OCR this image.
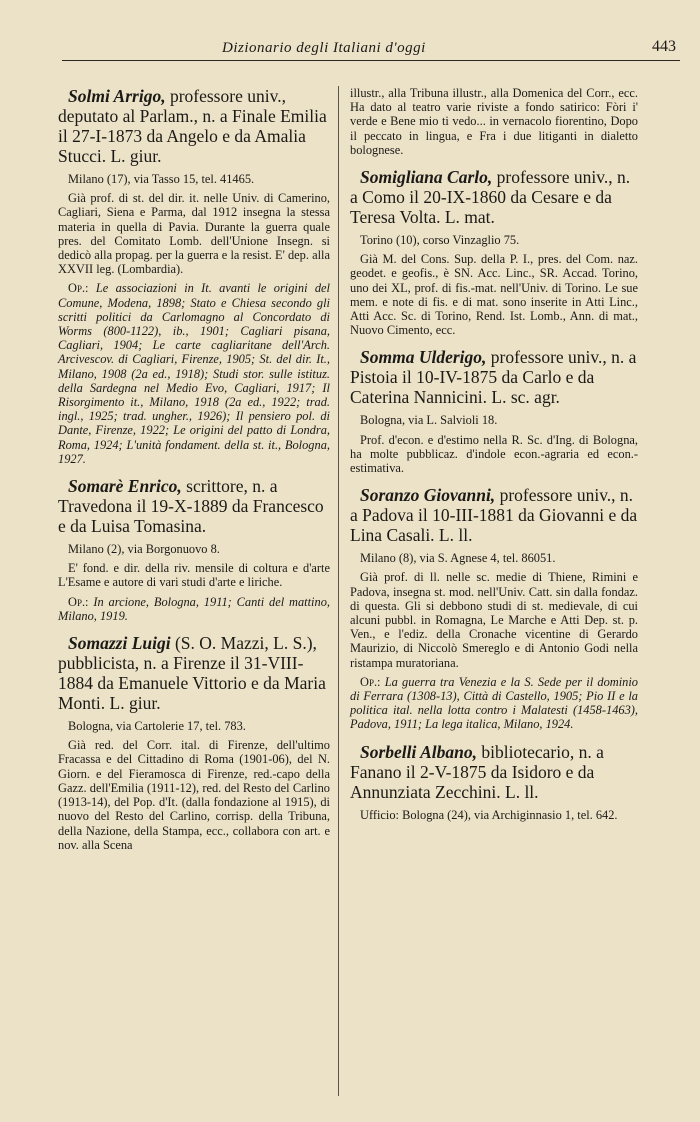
Dizionario degli Italiani d'oggi	443

Solmi Arrigo, professore univ., deputato al Parlam., n. a Finale Emilia il 27-I-1873 da Angelo e da Amalia Stucci. L. giur.

Milano (17), via Tasso 15, tel. 41465.

Già prof. di st. del dir. it. nelle Univ. di Camerino, Cagliari, Siena e Parma, dal 1912 insegna la stessa materia in quella di Pavia. Durante la guerra quale pres. del Comitato Lomb. dell'Unione Insegn. si dedicò alla propag. per la guerra e la resist. E' dep. alla XXVII leg. (Lombardia).

Op.: Le associazioni in It. avanti le origini del Comune, Modena, 1898; Stato e Chiesa secondo gli scritti politici da Carlomagno al Concordato di Worms (800-1122), ib., 1901; Cagliari pisana, Cagliari, 1904; Le carte cagliaritane dell'Arch. Arcivescov. di Cagliari, Firenze, 1905; St. del dir. It., Milano, 1908 (2a ed., 1918); Studi stor. sulle istituz. della Sardegna nel Medio Evo, Cagliari, 1917; Il Risorgimento it., Milano, 1918 (2a ed., 1922; trad. ingl., 1925; trad. ungher., 1926); Il pensiero pol. di Dante, Firenze, 1922; Le origini del patto di Londra, Roma, 1924; L'unità fondament. della st. it., Bologna, 1927.

Somarè Enrico, scrittore, n. a Travedona il 19-X-1889 da Francesco e da Luisa Tomasina.

Milano (2), via Borgonuovo 8.

E' fond. e dir. della riv. mensile di coltura e d'arte L'Esame e autore di vari studi d'arte e liriche.

Op.: In arcione, Bologna, 1911; Canti del mattino, Milano, 1919.

Somazzi Luigi (S. O. Mazzi, L. S.), pubblicista, n. a Firenze il 31-VIII-1884 da Emanuele Vittorio e da Maria Monti. L. giur.

Bologna, via Cartolerie 17, tel. 783.

Già red. del Corr. ital. di Firenze, dell'ultimo Fracassa e del Cittadino di Roma (1901-06), del N. Giorn. e del Fieramosca di Firenze, red.-capo della Gazz. dell'Emilia (1911-12), red. del Resto del Carlino (1913-14), del Pop. d'It. (dalla fondazione al 1915), di nuovo del Resto del Carlino, corrisp. della Tribuna, della Nazione, della Stampa, ecc., collabora con art. e nov. alla Scena

illustr., alla Tribuna illustr., alla Domenica del Corr., ecc. Ha dato al teatro varie riviste a fondo satirico: Fòri i' verde e Bene mio ti vedo... in vernacolo fiorentino, Dopo il peccato in lingua, e Fra i due litiganti in dialetto bolognese.

Somigliana Carlo, professore univ., n. a Como il 20-IX-1860 da Cesare e da Teresa Volta. L. mat.

Torino (10), corso Vinzaglio 75.

Già M. del Cons. Sup. della P. I., pres. del Com. naz. geodet. e geofis., è SN. Acc. Linc., SR. Accad. Torino, uno dei XL, prof. di fis.-mat. nell'Univ. di Torino. Le sue mem. e note di fis. e di mat. sono inserite in Atti Linc., Atti Acc. Sc. di Torino, Rend. Ist. Lomb., Ann. di mat., Nuovo Cimento, ecc.

Somma Ulderigo, professore univ., n. a Pistoia il 10-IV-1875 da Carlo e da Caterina Nannicini. L. sc. agr.

Bologna, via L. Salvioli 18.

Prof. d'econ. e d'estimo nella R. Sc. d'Ing. di Bologna, ha molte pubblicaz. d'indole econ.-agraria ed econ.-estimativa.

Soranzo Giovanni, professore univ., n. a Padova il 10-III-1881 da Giovanni e da Lina Casali. L. ll.

Milano (8), via S. Agnese 4, tel. 86051.

Già prof. di ll. nelle sc. medie di Thiene, Rimini e Padova, insegna st. mod. nell'Univ. Catt. sin dalla fondaz. di questa. Gli si debbono studi di st. medievale, di cui alcuni pubbl. in Romagna, Le Marche e Atti Dep. st. p. Ven., e l'ediz. della Cronache vicentine di Gerardo Maurizio, di Niccolò Smereglo e di Antonio Godi nella ristampa muratoriana.

Op.: La guerra tra Venezia e la S. Sede per il dominio di Ferrara (1308-13), Città di Castello, 1905; Pio II e la politica ital. nella lotta contro i Malatesti (1458-1463), Padova, 1911; La lega italica, Milano, 1924.

Sorbelli Albano, bibliotecario, n. a Fanano il 2-V-1875 da Isidoro e da Annunziata Zecchini. L. ll.

Ufficio: Bologna (24), via Archiginnasio 1, tel. 642.
